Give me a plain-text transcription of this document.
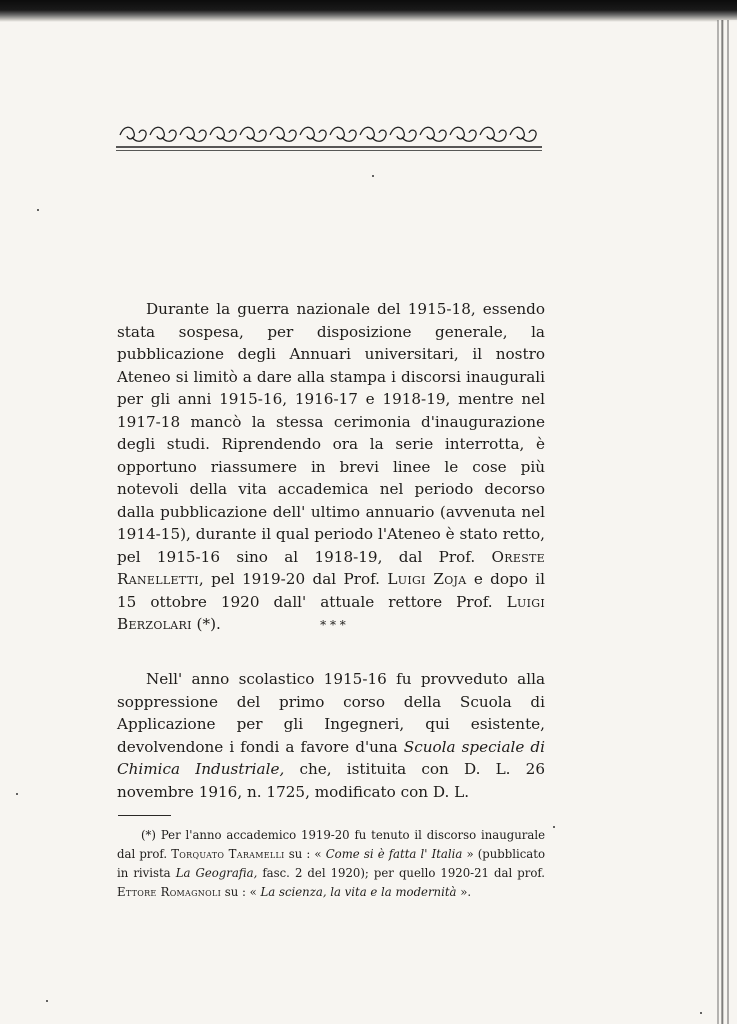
Durante la guerra nazionale del 1915-18, essendo stata sospesa, per disposizione generale, la pubblicazione degli Annuari universitari, il nostro Ateneo si limitò a dare alla stampa i discorsi inaugurali per gli anni 1915-16, 1916-17 e 1918-19, mentre nel 1917-18 mancò la stessa cerimonia d'inaugurazione degli studi. Riprendendo ora la serie interrotta, è opportuno riassumere in brevi linee le cose più notevoli della vita accademica nel periodo decorso dalla pubblicazione dell' ultimo annuario (avvenuta nel 1914-15), durante il qual periodo l'Ateneo è stato retto, pel 1915-16 sino al 1918-19, dal Prof. Oreste Ranelletti, pel 1919-20 dal Prof. Luigi Zoja e dopo il 15 ottobre 1920 dall' attuale rettore Prof. Luigi Berzolari (*).	* * *

Nell' anno scolastico 1915-16 fu provveduto alla soppressione del primo corso della Scuola di Applicazione per gli Ingegneri, qui esistente, devolvendone i fondi a favore d'una Scuola speciale di Chimica Industriale, che, istituita con D. L. 26 novembre 1916, n. 1725, modificato con D. L.

(*) Per l'anno accademico 1919-20 fu tenuto il discorso inaugurale dal prof. Torquato Taramelli su : « Come si è fatta l' Italia » (pubblicato in rivista La Geografia, fasc. 2 del 1920); per quello 1920-21 dal prof. Ettore Romagnoli su : « La scienza, la vita e la modernità ».
